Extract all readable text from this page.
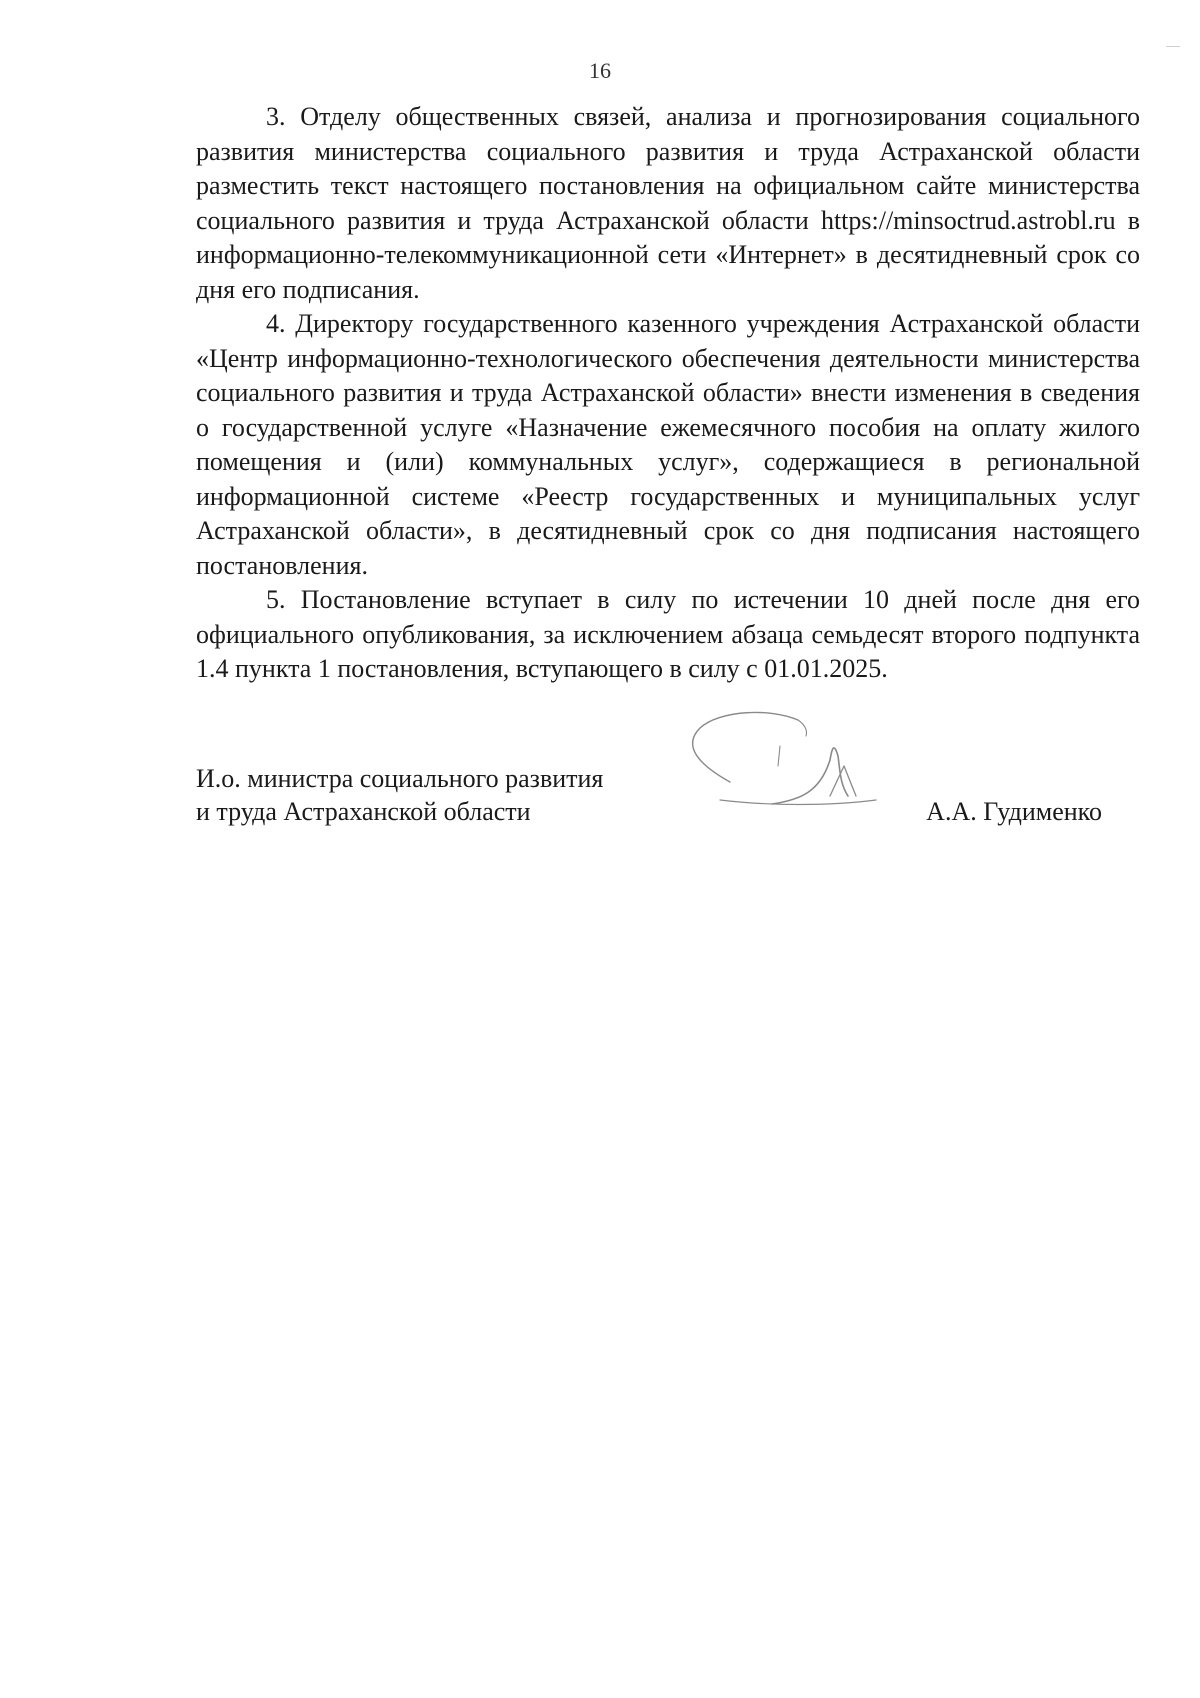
16

3. Отделу общественных связей, анализа и прогнозирования социального развития министерства социального развития и труда Астраханской области разместить текст настоящего постановления на официальном сайте министерства социального развития и труда Астраханской области https://minsoctrud.astrobl.ru в информационно-телекоммуникационной сети «Интернет» в десятидневный срок со дня его подписания.

4. Директору государственного казенного учреждения Астраханской области «Центр информационно-технологического обеспечения деятельности министерства социального развития и труда Астраханской области» внести изменения в сведения о государственной услуге «Назначение ежемесячного пособия на оплату жилого помещения и (или) коммунальных услуг», содержащиеся в региональной информационной системе «Реестр государственных и муниципальных услуг Астраханской области», в десятидневный срок со дня подписания настоящего постановления.

5. Постановление вступает в силу по истечении 10 дней после дня его официального опубликования, за исключением абзаца семьдесят второго подпункта 1.4 пункта 1 постановления, вступающего в силу с 01.01.2025.

И.о. министра социального развития
и труда Астраханской области	А.А. Гудименко
